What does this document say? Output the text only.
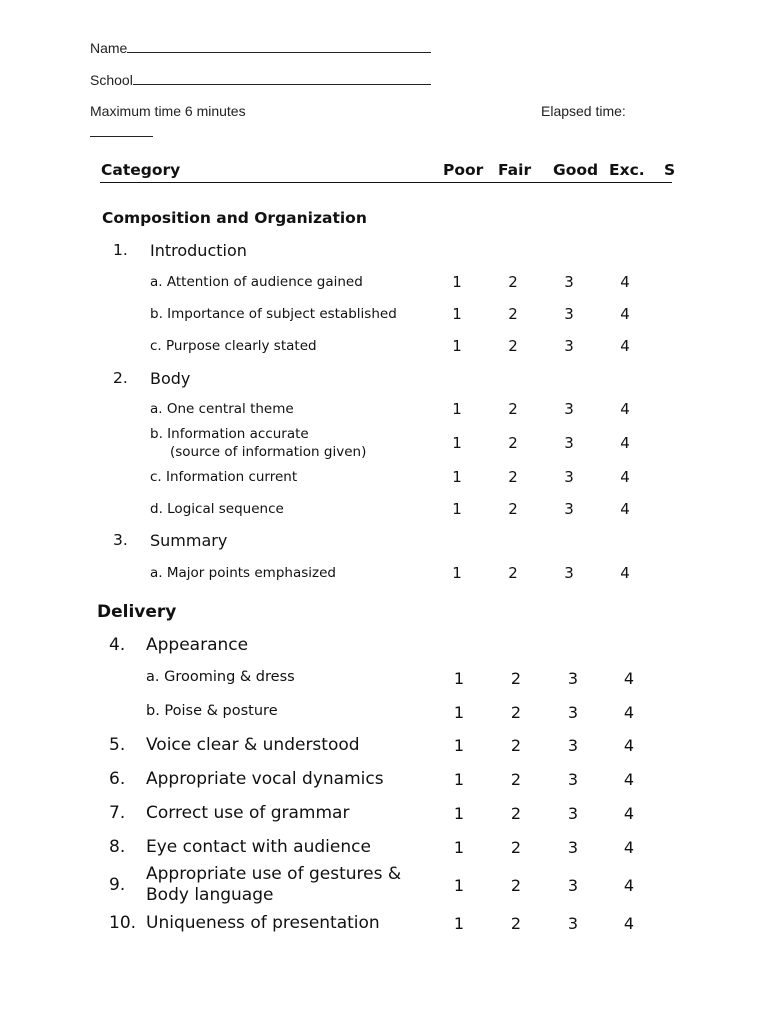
Name
School
Maximum time 6 minutes	Elapsed time:
Category	Poor Fair Good Exc. S
Composition and Organization
1. Introduction
a. Attention of audience gained	1	2	3	4
b. Importance of subject established	1	2	3	4
c. Purpose clearly stated	1	2	3	4
2. Body
a. One central theme	1	2	3	4
b. Information accurate
(source of information given)	1	2	3	4
c. Information current	1	2	3	4
d. Logical sequence	1	2	3	4
3. Summary
a. Major points emphasized	1	2	3	4
Delivery
4. Appearance
a. Grooming & dress	1	2	3	4
b. Poise & posture	1	2	3	4
5. Voice clear & understood	1	2	3	4
6. Appropriate vocal dynamics	1	2	3	4
7. Correct use of grammar	1	2	3	4
8. Eye contact with audience	1	2	3	4
9.
Appropriate use of gestures &
Body language	1	2	3	4
10. Uniqueness of presentation	1	2	3	4
